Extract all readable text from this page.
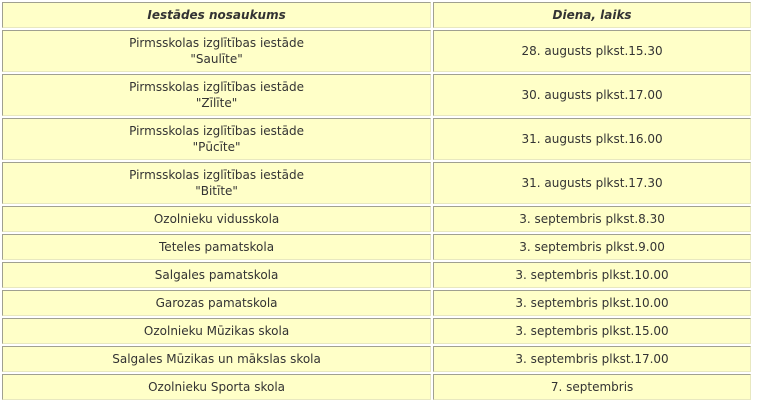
Iestādes nosaukums	Diena, laiks

Pirmsskolas izglītības iestāde
"Saulīte"	28. augusts plkst.15.30

Pirmsskolas izglītības iestāde
"Zīlīte"	30. augusts plkst.17.00

Pirmsskolas izglītības iestāde
"Pūcīte"	31. augusts plkst.16.00

Pirmsskolas izglītības iestāde
"Bitīte"	31. augusts plkst.17.30
Ozolnieku vidusskola	3. septembris plkst.8.30
Teteles pamatskola	3. septembris plkst.9.00
Salgales pamatskola	3. septembris plkst.10.00
Garozas pamatskola	3. septembris plkst.10.00
Ozolnieku Mūzikas skola	3. septembris plkst.15.00
Salgales Mūzikas un mākslas skola	3. septembris plkst.17.00
Ozolnieku Sporta skola	7. septembris
